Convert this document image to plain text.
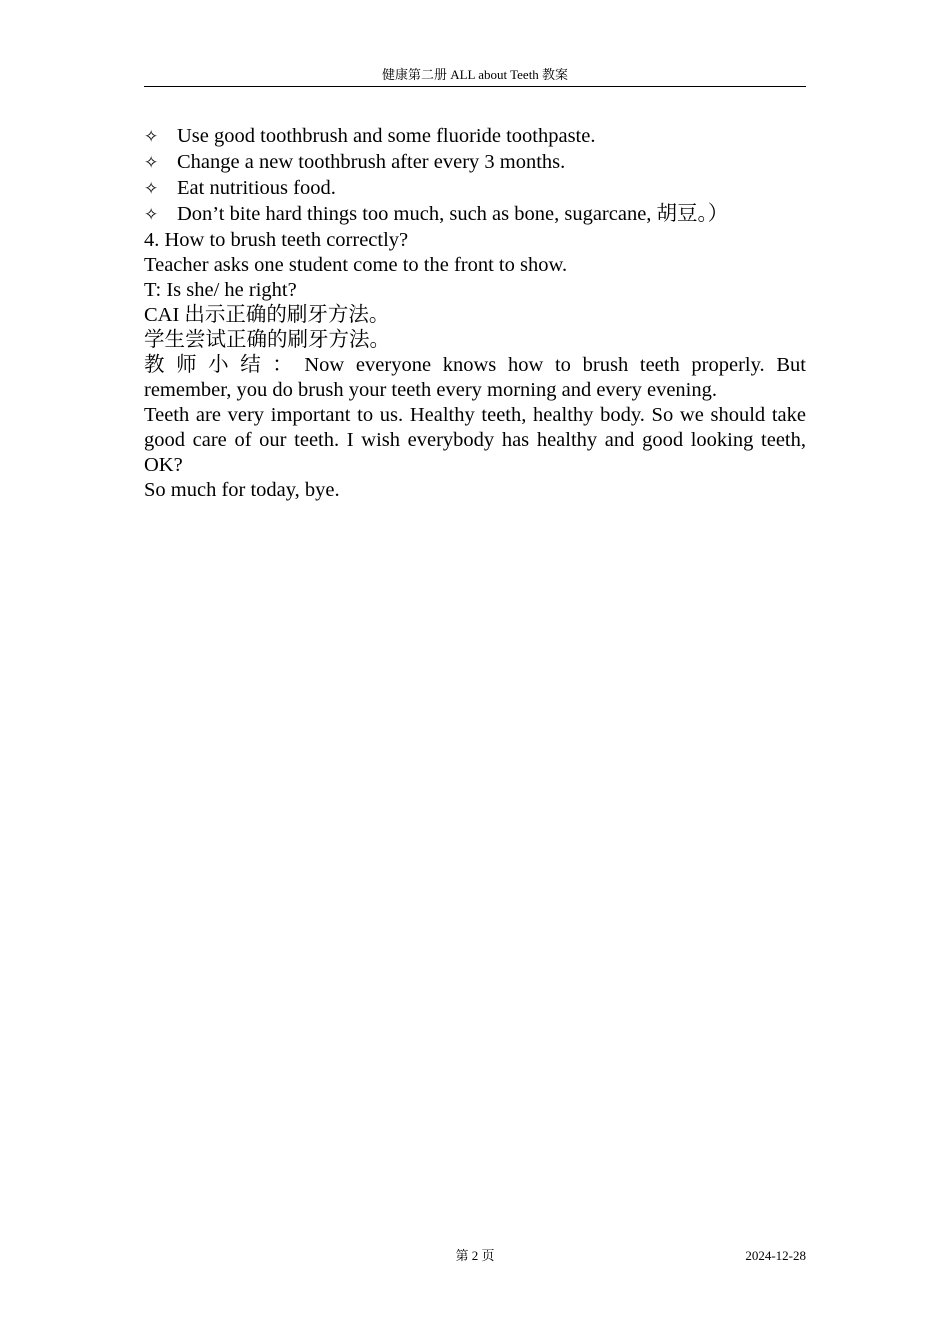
健康第二册 ALL about Teeth 教案
✧ Use good toothbrush and some fluoride toothpaste.
✧ Change a new toothbrush after every 3 months.
✧ Eat nutritious food.
✧ Don’t bite hard things too much, such as bone, sugarcane, 胡豆。）

4. How to brush teeth correctly?

Teacher asks one student come to the front to show.

T: Is she/ he right?

CAI 出示正确的刷牙方法。

学生尝试正确的刷牙方法。

教师小结：Now everyone knows how to brush teeth properly. But remember, you do brush your teeth every morning and every evening.

Teeth are very important to us. Healthy teeth, healthy body. So we should take good care of our teeth. I wish everybody has healthy and good looking teeth, OK?

So much for today, bye.

第 2 页	2024-12-28
